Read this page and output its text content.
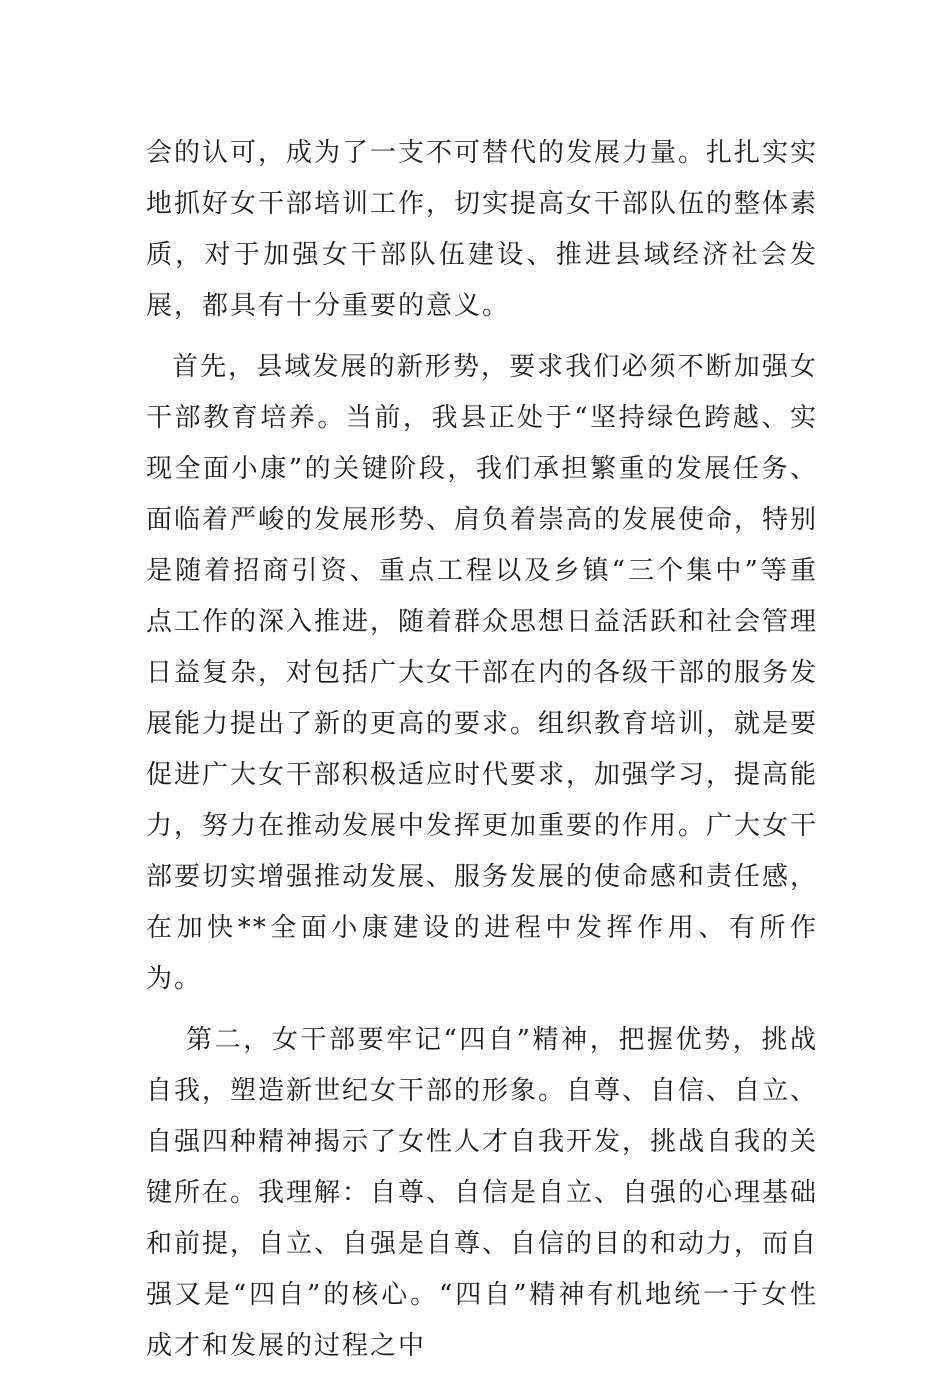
会的认可，成为了一支不可替代的发展力量。扎扎实实地抓好女干部培训工作，切实提高女干部队伍的整体素质，对于加强女干部队伍建设、推进县域经济社会发展，都具有十分重要的意义。

首先，县域发展的新形势，要求我们必须不断加强女干部教育培养。当前，我县正处于“坚持绿色跨越、实现全面小康”的关键阶段，我们承担繁重的发展任务、面临着严峻的发展形势、肩负着崇高的发展使命，特别是随着招商引资、重点工程以及乡镇“三个集中”等重点工作的深入推进，随着群众思想日益活跃和社会管理日益复杂，对包括广大女干部在内的各级干部的服务发展能力提出了新的更高的要求。组织教育培训，就是要促进广大女干部积极适应时代要求，加强学习，提高能力，努力在推动发展中发挥更加重要的作用。广大女干部要切实增强推动发展、服务发展的使命感和责任感，在加快**全面小康建设的进程中发挥作用、有所作为。

第二，女干部要牢记“四自”精神，把握优势，挑战自我，塑造新世纪女干部的形象。自尊、自信、自立、自强四种精神揭示了女性人才自我开发，挑战自我的关键所在。我理解：自尊、自信是自立、自强的心理基础和前提，自立、自强是自尊、自信的目的和动力，而自强又是“四自”的核心。“四自”精神有机地统一于女性成才和发展的过程之中
